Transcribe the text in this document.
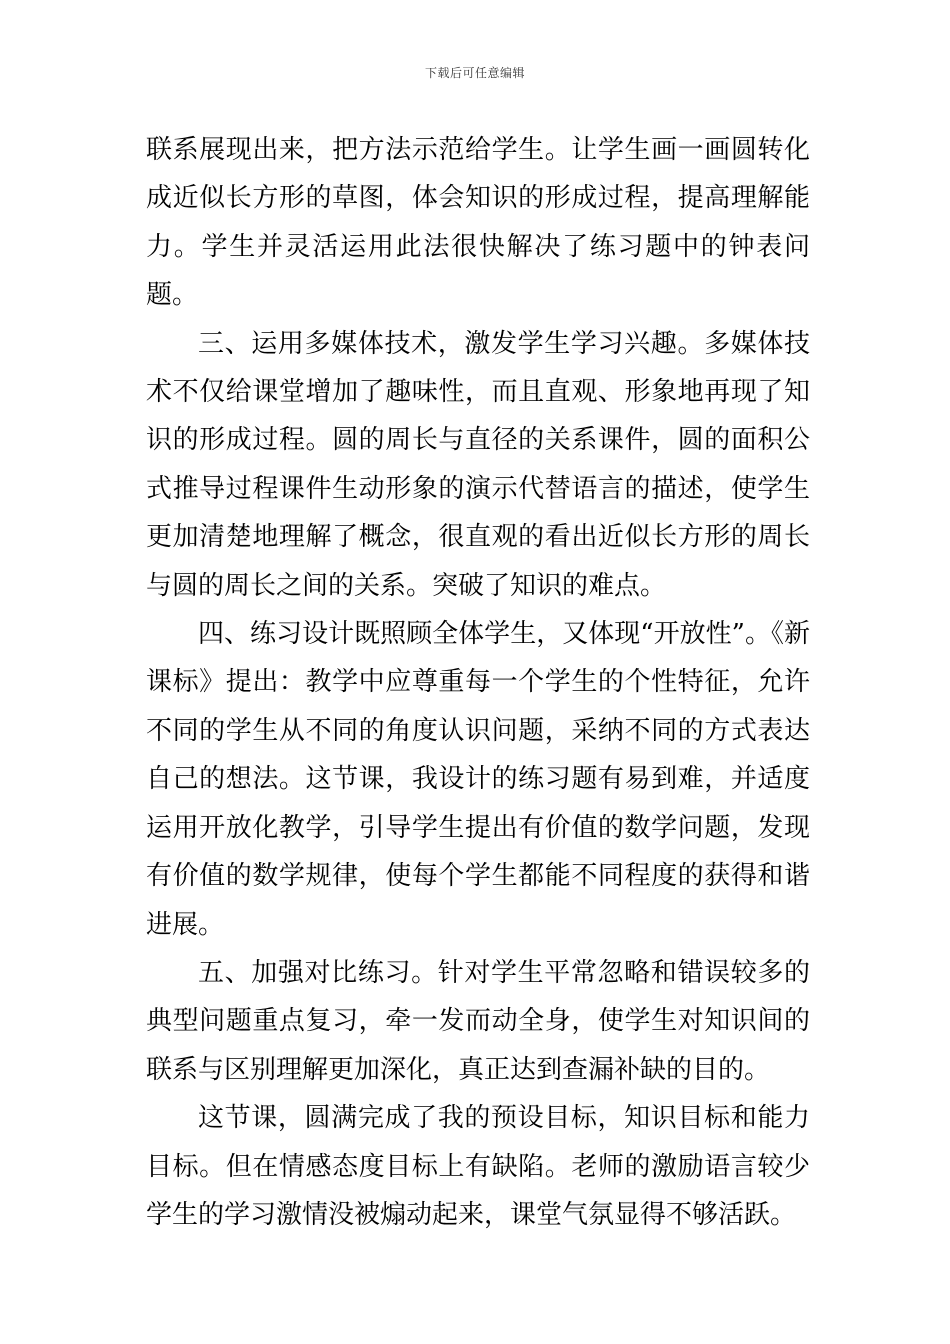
下载后可任意编辑

联系展现出来，把方法示范给学生。让学生画一画圆转化成近似长方形的草图，体会知识的形成过程，提高理解能力。学生并灵活运用此法很快解决了练习题中的钟表问题。

三、运用多媒体技术，激发学生学习兴趣。多媒体技术不仅给课堂增加了趣味性，而且直观、形象地再现了知识的形成过程。圆的周长与直径的关系课件，圆的面积公式推导过程课件生动形象的演示代替语言的描述，使学生更加清楚地理解了概念，很直观的看出近似长方形的周长与圆的周长之间的关系。突破了知识的难点。

四、练习设计既照顾全体学生，又体现“开放性”。《新课标》提出：教学中应尊重每一个学生的个性特征，允许不同的学生从不同的角度认识问题，采纳不同的方式表达自己的想法。这节课，我设计的练习题有易到难，并适度运用开放化教学，引导学生提出有价值的数学问题，发现有价值的数学规律，使每个学生都能不同程度的获得和谐进展。

五、加强对比练习。针对学生平常忽略和错误较多的典型问题重点复习，牵一发而动全身，使学生对知识间的联系与区别理解更加深化，真正达到查漏补缺的目的。

这节课，圆满完成了我的预设目标，知识目标和能力目标。但在情感态度目标上有缺陷。老师的激励语言较少学生的学习激情没被煽动起来，课堂气氛显得不够活跃。
